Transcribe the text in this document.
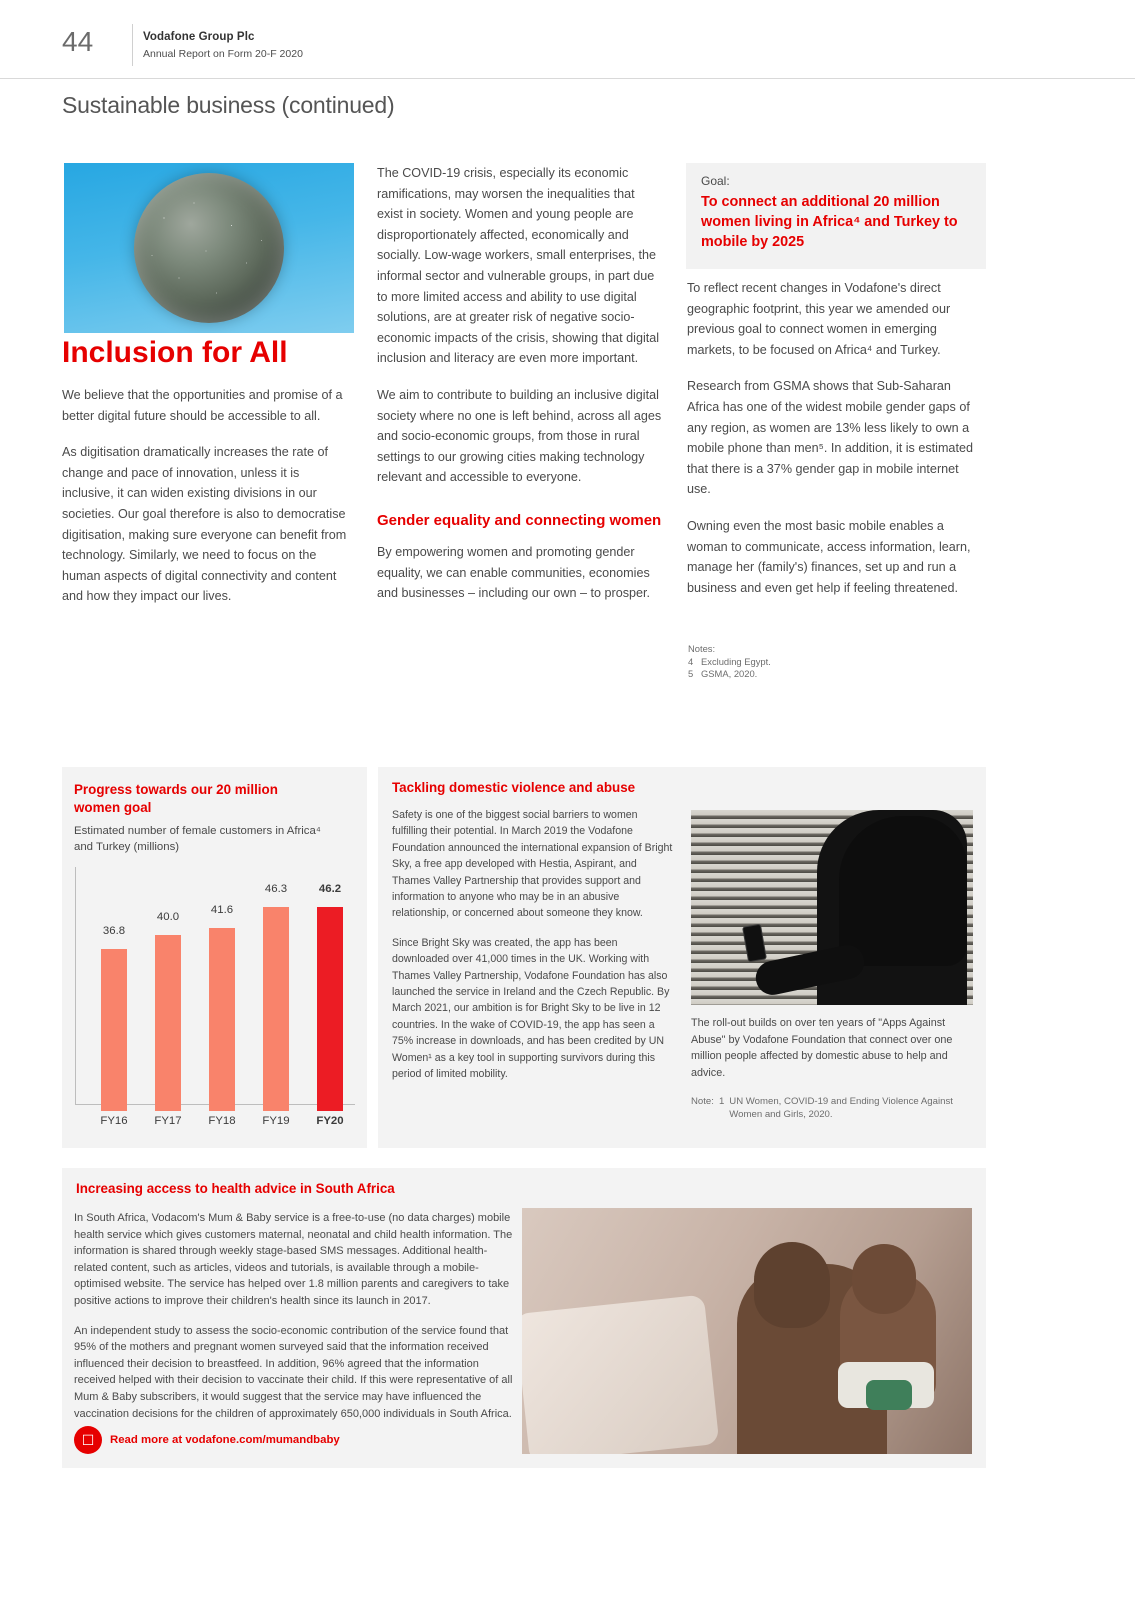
44	Vodafone Group Plc
Annual Report on Form 20-F 2020
Sustainable business (continued)
Inclusion for All

We believe that the opportunities and promise of a better digital future should be accessible to all.

As digitisation dramatically increases the rate of change and pace of innovation, unless it is inclusive, it can widen existing divisions in our societies. Our goal therefore is also to democratise digitisation, making sure everyone can benefit from technology. Similarly, we need to focus on the human aspects of digital connectivity and content and how they impact our lives.

The COVID-19 crisis, especially its economic ramifications, may worsen the inequalities that exist in society. Women and young people are disproportionately affected, economically and socially. Low-wage workers, small enterprises, the informal sector and vulnerable groups, in part due to more limited access and ability to use digital solutions, are at greater risk of negative socio-economic impacts of the crisis, showing that digital inclusion and literacy are even more important.

We aim to contribute to building an inclusive digital society where no one is left behind, across all ages and socio-economic groups, from those in rural settings to our growing cities making technology relevant and accessible to everyone.

Gender equality and connecting women

By empowering women and promoting gender equality, we can enable communities, economies and businesses – including our own – to prosper.

Goal:
To connect an additional 20 million women living in Africa⁴ and Turkey to mobile by 2025

To reflect recent changes in Vodafone's direct geographic footprint, this year we amended our previous goal to connect women in emerging markets, to be focused on Africa⁴ and Turkey.

Research from GSMA shows that Sub-Saharan Africa has one of the widest mobile gender gaps of any region, as women are 13% less likely to own a mobile phone than men⁵. In addition, it is estimated that there is a 37% gender gap in mobile internet use.

Owning even the most basic mobile enables a woman to communicate, access information, learn, manage her (family's) finances, set up and run a business and even get help if feeling threatened.

Notes:
4 Excluding Egypt.
5 GSMA, 2020.
Progress towards our 20 million women goal
Estimated number of female customers in Africa⁴ and Turkey (millions)
36.8
40.0
41.6
46.3	46.2
FY16	FY17	FY18	FY19	FY20
Tackling domestic violence and abuse

Safety is one of the biggest social barriers to women fulfilling their potential. In March 2019 the Vodafone Foundation announced the international expansion of Bright Sky, a free app developed with Hestia, Aspirant, and Thames Valley Partnership that provides support and information to anyone who may be in an abusive relationship, or concerned about someone they know.

Since Bright Sky was created, the app has been downloaded over 41,000 times in the UK. Working with Thames Valley Partnership, Vodafone Foundation has also launched the service in Ireland and the Czech Republic. By March 2021, our ambition is for Bright Sky to be live in 12 countries. In the wake of COVID-19, the app has seen a 75% increase in downloads, and has been credited by UN Women¹ as a key tool in supporting survivors during this period of limited mobility.

The roll-out builds on over ten years of "Apps Against Abuse" by Vodafone Foundation that connect over one million people affected by domestic abuse to help and advice.
Note: 1 UN Women, COVID-19 and Ending Violence Against Women and Girls, 2020.
Increasing access to health advice in South Africa

In South Africa, Vodacom's Mum & Baby service is a free-to-use (no data charges) mobile health service which gives customers maternal, neonatal and child health information. The information is shared through weekly stage-based SMS messages. Additional health-related content, such as articles, videos and tutorials, is available through a mobile-optimised website. The service has helped over 1.8 million parents and caregivers to take positive actions to improve their children's health since its launch in 2017.

An independent study to assess the socio-economic contribution of the service found that 95% of the mothers and pregnant women surveyed said that the information received influenced their decision to breastfeed. In addition, 96% agreed that the information received helped with their decision to vaccinate their child. If this were representative of all Mum & Baby subscribers, it would suggest that the service may have influenced the vaccination decisions for the children of approximately 650,000 individuals in South Africa.

☐	Read more at vodafone.com/mumandbaby
